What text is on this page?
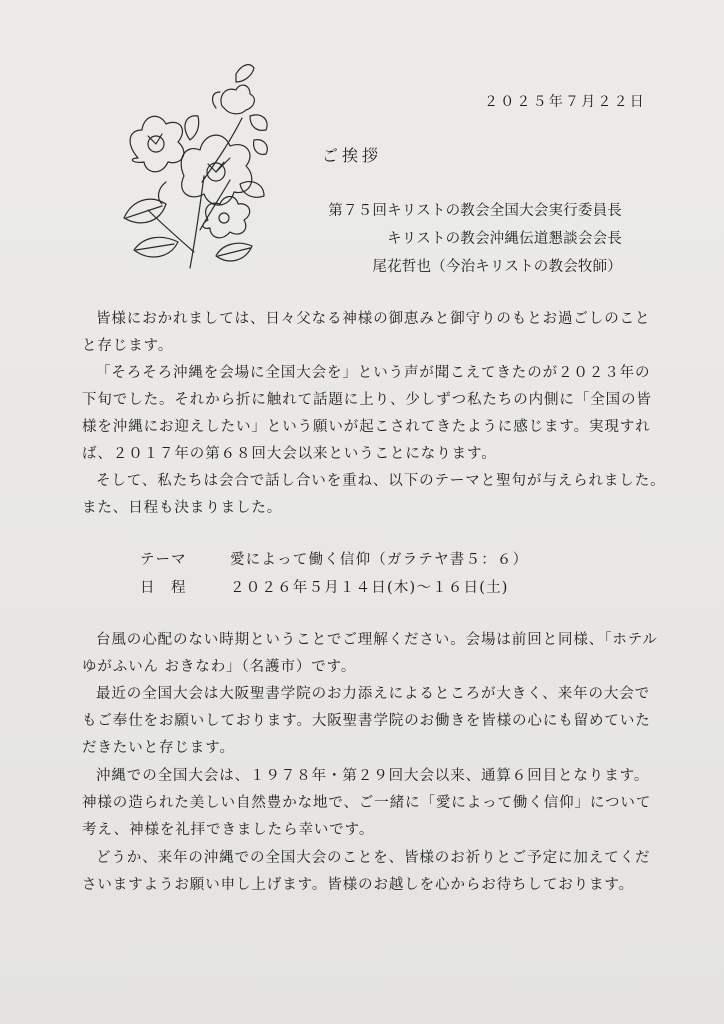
２０２５年７月２２日
ご挨拶
第７５回キリストの教会全国大会実行委員長
キリストの教会沖縄伝道懇談会会長
尾花哲也（今治キリストの教会牧師）
皆様におかれましては、日々父なる神様の御恵みと御守りのもとお過ごしのこと
と存じます。
「そろそろ沖縄を会場に全国大会を」という声が聞こえてきたのが２０２３年の
下旬でした。それから折に触れて話題に上り、少しずつ私たちの内側に「全国の皆
様を沖縄にお迎えしたい」という願いが起こされてきたように感じます。実現すれ
ば、２０１７年の第６８回大会以来ということになります。
そして、私たちは会合で話し合いを重ね、以下のテーマと聖句が与えられました。
また、日程も決まりました。
テーマ	愛によって働く信仰（ガラテヤ書５：６）
日　程	２０２６年５月１４日(木)～１６日(土)
台風の心配のない時期ということでご理解ください。会場は前回と同様、「ホテル
ゆがふいん おきなわ」（名護市）です。
最近の全国大会は大阪聖書学院のお力添えによるところが大きく、来年の大会で
もご奉仕をお願いしております。大阪聖書学院のお働きを皆様の心にも留めていた
だきたいと存じます。
沖縄での全国大会は、１９７８年・第２９回大会以来、通算６回目となります。
神様の造られた美しい自然豊かな地で、ご一緒に「愛によって働く信仰」について
考え、神様を礼拝できましたら幸いです。
どうか、来年の沖縄での全国大会のことを、皆様のお祈りとご予定に加えてくだ
さいますようお願い申し上げます。皆様のお越しを心からお待ちしております。
